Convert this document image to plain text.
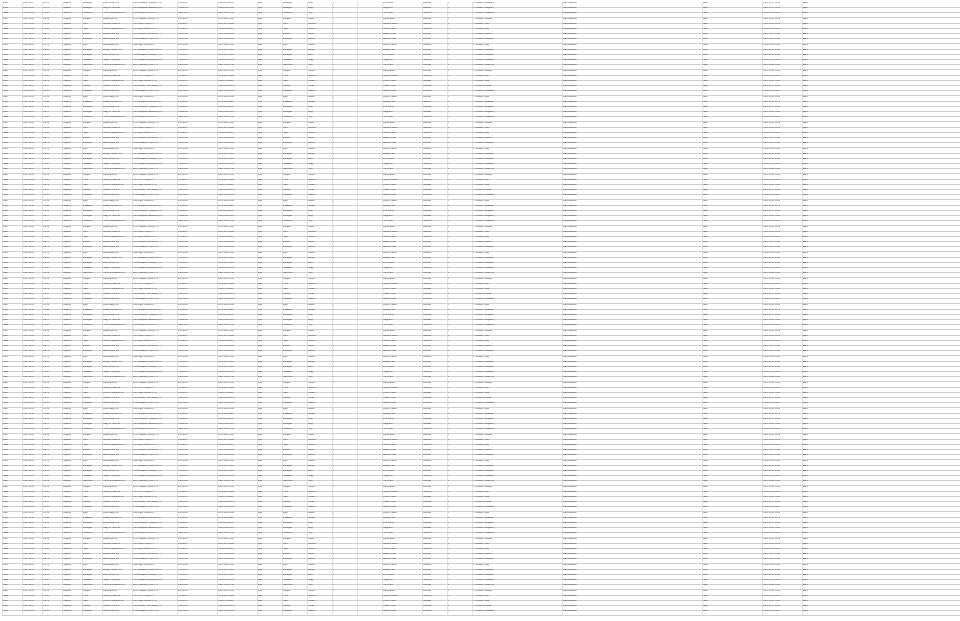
Klein	2020.10.01	20171	Gejelöst	Budapest	Klein Ferenc Kft.	1093 Budapest, Lónyay u. 18.	12345678	1234-5678-9012	Igen	Budapest	Klein	1	Kiss Istvan	Szállítás	1	1. szállítás, Budapest	kapcsolattartó	Nem	2020.10.01 12:00	Aktív
Klein	2020.10.02	20172	Gejelöst	Budapest	Nagy és Társa Bt.	1061 Budapest, Andrássy út 4.	23456789	2345-6789-0123	Igen	Budapest	Nagy	1	Nagy Éva	Szállítás	2	1. szállítás, Budapest	kapcsolattartó	Nem	2020.10.02 12:00	Aktív
Klein	2020.10.03	20173	Gejelöst	Debrecen	Tóth Kereskedelmi Kft.	4025 Debrecen, Piac u. 1.	34567890	3456-7890-1234	Igen	Debrecen	Tóth	1	Tóth Péter	Szállítás	1	1. szállítás, Debrecen	kapcsolattartó	Nem	2020.10.03 12:00	Aktív
Klein	2020.10.04	20174	Gejelöst	Szeged	Szabó Bau Kft.	6720 Szeged, Kárász u. 9.	45678901	4567-8901-2345	Igen	Szeged	Szabó	2	Szabó Anna	Szállítás	1	1. szállítás, Szeged	kapcsolattartó	Nem	2020.10.04 12:00	Aktív
Klein	2020.10.05	20175	Gejelöst	Pécs	Horváth Trade Zrt.	7621 Pécs, Király u. 2.	56789012	5678-9012-3456	Igen	Pécs	Horváth	1	Horváth Gábor	Szállítás	3	1. szállítás, Pécs	kapcsolattartó	Nem	2020.10.05 12:00	Aktív
Klein	2020.10.06	20176	Gejelöst	Győr	Kovács Logisztika Kft.	9021 Győr, Baross u. 15.	67890123	6789-0123-4567	Igen	Győr	Kovács	1	Kovács Judit	Szállítás	1	1. szállítás, Győr	kapcsolattartó	Nem	2020.10.06 12:00	Aktív
Klein	2020.10.07	20177	Gejelöst	Miskolc	Varga és Fia Kft.	3525 Miskolc, Széchenyi u. 3.	78901234	7890-1234-5678	Igen	Miskolc	Varga	1	Varga László	Szállítás	2	1. szállítás, Miskolc	kapcsolattartó	Nem	2020.10.07 12:00	Aktív
Klein	2020.10.08	20178	Gejelöst	Budapest	Molnár Építő Kft.	1134 Budapest, Váci út 20.	89012345	8901-2345-6789	Igen	Budapest	Molnár	1	Molnár Zsófia	Szállítás	1	1. szállítás, Budapest	kapcsolattartó	Nem	2020.10.08 12:00	Aktív
Klein	2020.10.09	20179	Gejelöst	Eger	Farkas Agro Kft.	3300 Eger, Dobó tér 1.	90123456	9012-3456-7890	Igen	Eger	Farkas	1	Farkas Tamás	Szállítás	1	1. szállítás, Eger	kapcsolattartó	Nem	2020.10.09 12:00	Aktív
Klein	2020.10.10	20180	Gejelöst	Budapest	Balogh Service Kft.	1117 Budapest, Bocskai út 11.	01234567	0123-4567-8901	Igen	Budapest	Balogh	1	Balogh Kata	Szállítás	2	1. szállítás, Budapest	kapcsolattartó	Nem	2020.10.10 12:00	Aktív
Klein	2020.10.01	20171	Gejelöst	Budapest	Klein Ferenc Kft.	1093 Budapest, Lónyay u. 18.	12345678	1234-5678-9012	Igen	Budapest	Klein	1	Kiss Istvan	Szállítás	1	1. szállítás, Budapest	kapcsolattartó	Nem	2020.10.01 12:00	Aktív
Klein	2020.10.02	20172	Gejelöst	Budapest	Nagy és Társa Bt.	1061 Budapest, Andrássy út 4.	23456789	2345-6789-0123	Igen	Budapest	Nagy	1	Nagy Éva	Szállítás	2	1. szállítás, Budapest	kapcsolattartó	Nem	2020.10.02 12:00	Aktív
Klein	2020.10.03	20173	Gejelöst	Debrecen	Tóth Kereskedelmi Kft.	4025 Debrecen, Piac u. 1.	34567890	3456-7890-1234	Igen	Debrecen	Tóth	1	Tóth Péter	Szállítás	1	1. szállítás, Debrecen	kapcsolattartó	Nem	2020.10.03 12:00	Aktív
Klein	2020.10.04	20174	Gejelöst	Szeged	Szabó Bau Kft.	6720 Szeged, Kárász u. 9.	45678901	4567-8901-2345	Igen	Szeged	Szabó	2	Szabó Anna	Szállítás	1	1. szállítás, Szeged	kapcsolattartó	Nem	2020.10.04 12:00	Aktív
Klein	2020.10.05	20175	Gejelöst	Pécs	Horváth Trade Zrt.	7621 Pécs, Király u. 2.	56789012	5678-9012-3456	Igen	Pécs	Horváth	1	Horváth Gábor	Szállítás	3	1. szállítás, Pécs	kapcsolattartó	Nem	2020.10.05 12:00	Aktív
Klein	2020.10.06	20176	Gejelöst	Győr	Kovács Logisztika Kft.	9021 Győr, Baross u. 15.	67890123	6789-0123-4567	Igen	Győr	Kovács	1	Kovács Judit	Szállítás	1	1. szállítás, Győr	kapcsolattartó	Nem	2020.10.06 12:00	Aktív
Klein	2020.10.07	20177	Gejelöst	Miskolc	Varga és Fia Kft.	3525 Miskolc, Széchenyi u. 3.	78901234	7890-1234-5678	Igen	Miskolc	Varga	1	Varga László	Szállítás	2	1. szállítás, Miskolc	kapcsolattartó	Nem	2020.10.07 12:00	Aktív
Klein	2020.10.08	20178	Gejelöst	Budapest	Molnár Építő Kft.	1134 Budapest, Váci út 20.	89012345	8901-2345-6789	Igen	Budapest	Molnár	1	Molnár Zsófia	Szállítás	1	1. szállítás, Budapest	kapcsolattartó	Nem	2020.10.08 12:00	Aktív
Klein	2020.10.09	20179	Gejelöst	Eger	Farkas Agro Kft.	3300 Eger, Dobó tér 1.	90123456	9012-3456-7890	Igen	Eger	Farkas	1	Farkas Tamás	Szállítás	1	1. szállítás, Eger	kapcsolattartó	Nem	2020.10.09 12:00	Aktív
Klein	2020.10.10	20180	Gejelöst	Budapest	Balogh Service Kft.	1117 Budapest, Bocskai út 11.	01234567	0123-4567-8901	Igen	Budapest	Balogh	1	Balogh Kata	Szállítás	2	1. szállítás, Budapest	kapcsolattartó	Nem	2020.10.10 12:00	Aktív
Klein	2020.10.01	20171	Gejelöst	Budapest	Klein Ferenc Kft.	1093 Budapest, Lónyay u. 18.	12345678	1234-5678-9012	Igen	Budapest	Klein	1	Kiss Istvan	Szállítás	1	1. szállítás, Budapest	kapcsolattartó	Nem	2020.10.01 12:00	Aktív
Klein	2020.10.02	20172	Gejelöst	Budapest	Nagy és Társa Bt.	1061 Budapest, Andrássy út 4.	23456789	2345-6789-0123	Igen	Budapest	Nagy	1	Nagy Éva	Szállítás	2	1. szállítás, Budapest	kapcsolattartó	Nem	2020.10.02 12:00	Aktív
Klein	2020.10.03	20173	Gejelöst	Debrecen	Tóth Kereskedelmi Kft.	4025 Debrecen, Piac u. 1.	34567890	3456-7890-1234	Igen	Debrecen	Tóth	1	Tóth Péter	Szállítás	1	1. szállítás, Debrecen	kapcsolattartó	Nem	2020.10.03 12:00	Aktív
Klein	2020.10.04	20174	Gejelöst	Szeged	Szabó Bau Kft.	6720 Szeged, Kárász u. 9.	45678901	4567-8901-2345	Igen	Szeged	Szabó	2	Szabó Anna	Szállítás	1	1. szállítás, Szeged	kapcsolattartó	Nem	2020.10.04 12:00	Aktív
Klein	2020.10.05	20175	Gejelöst	Pécs	Horváth Trade Zrt.	7621 Pécs, Király u. 2.	56789012	5678-9012-3456	Igen	Pécs	Horváth	1	Horváth Gábor	Szállítás	3	1. szállítás, Pécs	kapcsolattartó	Nem	2020.10.05 12:00	Aktív
Klein	2020.10.06	20176	Gejelöst	Győr	Kovács Logisztika Kft.	9021 Győr, Baross u. 15.	67890123	6789-0123-4567	Igen	Győr	Kovács	1	Kovács Judit	Szállítás	1	1. szállítás, Győr	kapcsolattartó	Nem	2020.10.06 12:00	Aktív
Klein	2020.10.07	20177	Gejelöst	Miskolc	Varga és Fia Kft.	3525 Miskolc, Széchenyi u. 3.	78901234	7890-1234-5678	Igen	Miskolc	Varga	1	Varga László	Szállítás	2	1. szállítás, Miskolc	kapcsolattartó	Nem	2020.10.07 12:00	Aktív
Klein	2020.10.08	20178	Gejelöst	Budapest	Molnár Építő Kft.	1134 Budapest, Váci út 20.	89012345	8901-2345-6789	Igen	Budapest	Molnár	1	Molnár Zsófia	Szállítás	1	1. szállítás, Budapest	kapcsolattartó	Nem	2020.10.08 12:00	Aktív
Klein	2020.10.09	20179	Gejelöst	Eger	Farkas Agro Kft.	3300 Eger, Dobó tér 1.	90123456	9012-3456-7890	Igen	Eger	Farkas	1	Farkas Tamás	Szállítás	1	1. szállítás, Eger	kapcsolattartó	Nem	2020.10.09 12:00	Aktív
Klein	2020.10.10	20180	Gejelöst	Budapest	Balogh Service Kft.	1117 Budapest, Bocskai út 11.	01234567	0123-4567-8901	Igen	Budapest	Balogh	1	Balogh Kata	Szállítás	2	1. szállítás, Budapest	kapcsolattartó	Nem	2020.10.10 12:00	Aktív
Klein	2020.10.01	20171	Gejelöst	Budapest	Klein Ferenc Kft.	1093 Budapest, Lónyay u. 18.	12345678	1234-5678-9012	Igen	Budapest	Klein	1	Kiss Istvan	Szállítás	1	1. szállítás, Budapest	kapcsolattartó	Nem	2020.10.01 12:00	Aktív
Klein	2020.10.02	20172	Gejelöst	Budapest	Nagy és Társa Bt.	1061 Budapest, Andrássy út 4.	23456789	2345-6789-0123	Igen	Budapest	Nagy	1	Nagy Éva	Szállítás	2	1. szállítás, Budapest	kapcsolattartó	Nem	2020.10.02 12:00	Aktív
Klein	2020.10.03	20173	Gejelöst	Debrecen	Tóth Kereskedelmi Kft.	4025 Debrecen, Piac u. 1.	34567890	3456-7890-1234	Igen	Debrecen	Tóth	1	Tóth Péter	Szállítás	1	1. szállítás, Debrecen	kapcsolattartó	Nem	2020.10.03 12:00	Aktív
Klein	2020.10.04	20174	Gejelöst	Szeged	Szabó Bau Kft.	6720 Szeged, Kárász u. 9.	45678901	4567-8901-2345	Igen	Szeged	Szabó	2	Szabó Anna	Szállítás	1	1. szállítás, Szeged	kapcsolattartó	Nem	2020.10.04 12:00	Aktív
Klein	2020.10.05	20175	Gejelöst	Pécs	Horváth Trade Zrt.	7621 Pécs, Király u. 2.	56789012	5678-9012-3456	Igen	Pécs	Horváth	1	Horváth Gábor	Szállítás	3	1. szállítás, Pécs	kapcsolattartó	Nem	2020.10.05 12:00	Aktív
Klein	2020.10.06	20176	Gejelöst	Győr	Kovács Logisztika Kft.	9021 Győr, Baross u. 15.	67890123	6789-0123-4567	Igen	Győr	Kovács	1	Kovács Judit	Szállítás	1	1. szállítás, Győr	kapcsolattartó	Nem	2020.10.06 12:00	Aktív
Klein	2020.10.07	20177	Gejelöst	Miskolc	Varga és Fia Kft.	3525 Miskolc, Széchenyi u. 3.	78901234	7890-1234-5678	Igen	Miskolc	Varga	1	Varga László	Szállítás	2	1. szállítás, Miskolc	kapcsolattartó	Nem	2020.10.07 12:00	Aktív
Klein	2020.10.08	20178	Gejelöst	Budapest	Molnár Építő Kft.	1134 Budapest, Váci út 20.	89012345	8901-2345-6789	Igen	Budapest	Molnár	1	Molnár Zsófia	Szállítás	1	1. szállítás, Budapest	kapcsolattartó	Nem	2020.10.08 12:00	Aktív
Klein	2020.10.09	20179	Gejelöst	Eger	Farkas Agro Kft.	3300 Eger, Dobó tér 1.	90123456	9012-3456-7890	Igen	Eger	Farkas	1	Farkas Tamás	Szállítás	1	1. szállítás, Eger	kapcsolattartó	Nem	2020.10.09 12:00	Aktív
Klein	2020.10.10	20180	Gejelöst	Budapest	Balogh Service Kft.	1117 Budapest, Bocskai út 11.	01234567	0123-4567-8901	Igen	Budapest	Balogh	1	Balogh Kata	Szállítás	2	1. szállítás, Budapest	kapcsolattartó	Nem	2020.10.10 12:00	Aktív
Klein	2020.10.01	20171	Gejelöst	Budapest	Klein Ferenc Kft.	1093 Budapest, Lónyay u. 18.	12345678	1234-5678-9012	Igen	Budapest	Klein	1	Kiss Istvan	Szállítás	1	1. szállítás, Budapest	kapcsolattartó	Nem	2020.10.01 12:00	Aktív
Klein	2020.10.02	20172	Gejelöst	Budapest	Nagy és Társa Bt.	1061 Budapest, Andrássy út 4.	23456789	2345-6789-0123	Igen	Budapest	Nagy	1	Nagy Éva	Szállítás	2	1. szállítás, Budapest	kapcsolattartó	Nem	2020.10.02 12:00	Aktív
Klein	2020.10.03	20173	Gejelöst	Debrecen	Tóth Kereskedelmi Kft.	4025 Debrecen, Piac u. 1.	34567890	3456-7890-1234	Igen	Debrecen	Tóth	1	Tóth Péter	Szállítás	1	1. szállítás, Debrecen	kapcsolattartó	Nem	2020.10.03 12:00	Aktív
Klein	2020.10.04	20174	Gejelöst	Szeged	Szabó Bau Kft.	6720 Szeged, Kárász u. 9.	45678901	4567-8901-2345	Igen	Szeged	Szabó	2	Szabó Anna	Szállítás	1	1. szállítás, Szeged	kapcsolattartó	Nem	2020.10.04 12:00	Aktív
Klein	2020.10.05	20175	Gejelöst	Pécs	Horváth Trade Zrt.	7621 Pécs, Király u. 2.	56789012	5678-9012-3456	Igen	Pécs	Horváth	1	Horváth Gábor	Szállítás	3	1. szállítás, Pécs	kapcsolattartó	Nem	2020.10.05 12:00	Aktív
Klein	2020.10.06	20176	Gejelöst	Győr	Kovács Logisztika Kft.	9021 Győr, Baross u. 15.	67890123	6789-0123-4567	Igen	Győr	Kovács	1	Kovács Judit	Szállítás	1	1. szállítás, Győr	kapcsolattartó	Nem	2020.10.06 12:00	Aktív
Klein	2020.10.07	20177	Gejelöst	Miskolc	Varga és Fia Kft.	3525 Miskolc, Széchenyi u. 3.	78901234	7890-1234-5678	Igen	Miskolc	Varga	1	Varga László	Szállítás	2	1. szállítás, Miskolc	kapcsolattartó	Nem	2020.10.07 12:00	Aktív
Klein	2020.10.08	20178	Gejelöst	Budapest	Molnár Építő Kft.	1134 Budapest, Váci út 20.	89012345	8901-2345-6789	Igen	Budapest	Molnár	1	Molnár Zsófia	Szállítás	1	1. szállítás, Budapest	kapcsolattartó	Nem	2020.10.08 12:00	Aktív
Klein	2020.10.09	20179	Gejelöst	Eger	Farkas Agro Kft.	3300 Eger, Dobó tér 1.	90123456	9012-3456-7890	Igen	Eger	Farkas	1	Farkas Tamás	Szállítás	1	1. szállítás, Eger	kapcsolattartó	Nem	2020.10.09 12:00	Aktív
Klein	2020.10.10	20180	Gejelöst	Budapest	Balogh Service Kft.	1117 Budapest, Bocskai út 11.	01234567	0123-4567-8901	Igen	Budapest	Balogh	1	Balogh Kata	Szállítás	2	1. szállítás, Budapest	kapcsolattartó	Nem	2020.10.10 12:00	Aktív
Klein	2020.10.01	20171	Gejelöst	Budapest	Klein Ferenc Kft.	1093 Budapest, Lónyay u. 18.	12345678	1234-5678-9012	Igen	Budapest	Klein	1	Kiss Istvan	Szállítás	1	1. szállítás, Budapest	kapcsolattartó	Nem	2020.10.01 12:00	Aktív
Klein	2020.10.02	20172	Gejelöst	Budapest	Nagy és Társa Bt.	1061 Budapest, Andrássy út 4.	23456789	2345-6789-0123	Igen	Budapest	Nagy	1	Nagy Éva	Szállítás	2	1. szállítás, Budapest	kapcsolattartó	Nem	2020.10.02 12:00	Aktív
Klein	2020.10.03	20173	Gejelöst	Debrecen	Tóth Kereskedelmi Kft.	4025 Debrecen, Piac u. 1.	34567890	3456-7890-1234	Igen	Debrecen	Tóth	1	Tóth Péter	Szállítás	1	1. szállítás, Debrecen	kapcsolattartó	Nem	2020.10.03 12:00	Aktív
Klein	2020.10.04	20174	Gejelöst	Szeged	Szabó Bau Kft.	6720 Szeged, Kárász u. 9.	45678901	4567-8901-2345	Igen	Szeged	Szabó	2	Szabó Anna	Szállítás	1	1. szállítás, Szeged	kapcsolattartó	Nem	2020.10.04 12:00	Aktív
Klein	2020.10.05	20175	Gejelöst	Pécs	Horváth Trade Zrt.	7621 Pécs, Király u. 2.	56789012	5678-9012-3456	Igen	Pécs	Horváth	1	Horváth Gábor	Szállítás	3	1. szállítás, Pécs	kapcsolattartó	Nem	2020.10.05 12:00	Aktív
Klein	2020.10.06	20176	Gejelöst	Győr	Kovács Logisztika Kft.	9021 Győr, Baross u. 15.	67890123	6789-0123-4567	Igen	Győr	Kovács	1	Kovács Judit	Szállítás	1	1. szállítás, Győr	kapcsolattartó	Nem	2020.10.06 12:00	Aktív
Klein	2020.10.07	20177	Gejelöst	Miskolc	Varga és Fia Kft.	3525 Miskolc, Széchenyi u. 3.	78901234	7890-1234-5678	Igen	Miskolc	Varga	1	Varga László	Szállítás	2	1. szállítás, Miskolc	kapcsolattartó	Nem	2020.10.07 12:00	Aktív
Klein	2020.10.08	20178	Gejelöst	Budapest	Molnár Építő Kft.	1134 Budapest, Váci út 20.	89012345	8901-2345-6789	Igen	Budapest	Molnár	1	Molnár Zsófia	Szállítás	1	1. szállítás, Budapest	kapcsolattartó	Nem	2020.10.08 12:00	Aktív
Klein	2020.10.09	20179	Gejelöst	Eger	Farkas Agro Kft.	3300 Eger, Dobó tér 1.	90123456	9012-3456-7890	Igen	Eger	Farkas	1	Farkas Tamás	Szállítás	1	1. szállítás, Eger	kapcsolattartó	Nem	2020.10.09 12:00	Aktív
Klein	2020.10.10	20180	Gejelöst	Budapest	Balogh Service Kft.	1117 Budapest, Bocskai út 11.	01234567	0123-4567-8901	Igen	Budapest	Balogh	1	Balogh Kata	Szállítás	2	1. szállítás, Budapest	kapcsolattartó	Nem	2020.10.10 12:00	Aktív
Klein	2020.10.01	20171	Gejelöst	Budapest	Klein Ferenc Kft.	1093 Budapest, Lónyay u. 18.	12345678	1234-5678-9012	Igen	Budapest	Klein	1	Kiss Istvan	Szállítás	1	1. szállítás, Budapest	kapcsolattartó	Nem	2020.10.01 12:00	Aktív
Klein	2020.10.02	20172	Gejelöst	Budapest	Nagy és Társa Bt.	1061 Budapest, Andrássy út 4.	23456789	2345-6789-0123	Igen	Budapest	Nagy	1	Nagy Éva	Szállítás	2	1. szállítás, Budapest	kapcsolattartó	Nem	2020.10.02 12:00	Aktív
Klein	2020.10.03	20173	Gejelöst	Debrecen	Tóth Kereskedelmi Kft.	4025 Debrecen, Piac u. 1.	34567890	3456-7890-1234	Igen	Debrecen	Tóth	1	Tóth Péter	Szállítás	1	1. szállítás, Debrecen	kapcsolattartó	Nem	2020.10.03 12:00	Aktív
Klein	2020.10.04	20174	Gejelöst	Szeged	Szabó Bau Kft.	6720 Szeged, Kárász u. 9.	45678901	4567-8901-2345	Igen	Szeged	Szabó	2	Szabó Anna	Szállítás	1	1. szállítás, Szeged	kapcsolattartó	Nem	2020.10.04 12:00	Aktív
Klein	2020.10.05	20175	Gejelöst	Pécs	Horváth Trade Zrt.	7621 Pécs, Király u. 2.	56789012	5678-9012-3456	Igen	Pécs	Horváth	1	Horváth Gábor	Szállítás	3	1. szállítás, Pécs	kapcsolattartó	Nem	2020.10.05 12:00	Aktív
Klein	2020.10.06	20176	Gejelöst	Győr	Kovács Logisztika Kft.	9021 Győr, Baross u. 15.	67890123	6789-0123-4567	Igen	Győr	Kovács	1	Kovács Judit	Szállítás	1	1. szállítás, Győr	kapcsolattartó	Nem	2020.10.06 12:00	Aktív
Klein	2020.10.07	20177	Gejelöst	Miskolc	Varga és Fia Kft.	3525 Miskolc, Széchenyi u. 3.	78901234	7890-1234-5678	Igen	Miskolc	Varga	1	Varga László	Szállítás	2	1. szállítás, Miskolc	kapcsolattartó	Nem	2020.10.07 12:00	Aktív
Klein	2020.10.08	20178	Gejelöst	Budapest	Molnár Építő Kft.	1134 Budapest, Váci út 20.	89012345	8901-2345-6789	Igen	Budapest	Molnár	1	Molnár Zsófia	Szállítás	1	1. szállítás, Budapest	kapcsolattartó	Nem	2020.10.08 12:00	Aktív
Klein	2020.10.09	20179	Gejelöst	Eger	Farkas Agro Kft.	3300 Eger, Dobó tér 1.	90123456	9012-3456-7890	Igen	Eger	Farkas	1	Farkas Tamás	Szállítás	1	1. szállítás, Eger	kapcsolattartó	Nem	2020.10.09 12:00	Aktív
Klein	2020.10.10	20180	Gejelöst	Budapest	Balogh Service Kft.	1117 Budapest, Bocskai út 11.	01234567	0123-4567-8901	Igen	Budapest	Balogh	1	Balogh Kata	Szállítás	2	1. szállítás, Budapest	kapcsolattartó	Nem	2020.10.10 12:00	Aktív
Klein	2020.10.01	20171	Gejelöst	Budapest	Klein Ferenc Kft.	1093 Budapest, Lónyay u. 18.	12345678	1234-5678-9012	Igen	Budapest	Klein	1	Kiss Istvan	Szállítás	1	1. szállítás, Budapest	kapcsolattartó	Nem	2020.10.01 12:00	Aktív
Klein	2020.10.02	20172	Gejelöst	Budapest	Nagy és Társa Bt.	1061 Budapest, Andrássy út 4.	23456789	2345-6789-0123	Igen	Budapest	Nagy	1	Nagy Éva	Szállítás	2	1. szállítás, Budapest	kapcsolattartó	Nem	2020.10.02 12:00	Aktív
Klein	2020.10.03	20173	Gejelöst	Debrecen	Tóth Kereskedelmi Kft.	4025 Debrecen, Piac u. 1.	34567890	3456-7890-1234	Igen	Debrecen	Tóth	1	Tóth Péter	Szállítás	1	1. szállítás, Debrecen	kapcsolattartó	Nem	2020.10.03 12:00	Aktív
Klein	2020.10.04	20174	Gejelöst	Szeged	Szabó Bau Kft.	6720 Szeged, Kárász u. 9.	45678901	4567-8901-2345	Igen	Szeged	Szabó	2	Szabó Anna	Szállítás	1	1. szállítás, Szeged	kapcsolattartó	Nem	2020.10.04 12:00	Aktív
Klein	2020.10.05	20175	Gejelöst	Pécs	Horváth Trade Zrt.	7621 Pécs, Király u. 2.	56789012	5678-9012-3456	Igen	Pécs	Horváth	1	Horváth Gábor	Szállítás	3	1. szállítás, Pécs	kapcsolattartó	Nem	2020.10.05 12:00	Aktív
Klein	2020.10.06	20176	Gejelöst	Győr	Kovács Logisztika Kft.	9021 Győr, Baross u. 15.	67890123	6789-0123-4567	Igen	Győr	Kovács	1	Kovács Judit	Szállítás	1	1. szállítás, Győr	kapcsolattartó	Nem	2020.10.06 12:00	Aktív
Klein	2020.10.07	20177	Gejelöst	Miskolc	Varga és Fia Kft.	3525 Miskolc, Széchenyi u. 3.	78901234	7890-1234-5678	Igen	Miskolc	Varga	1	Varga László	Szállítás	2	1. szállítás, Miskolc	kapcsolattartó	Nem	2020.10.07 12:00	Aktív
Klein	2020.10.08	20178	Gejelöst	Budapest	Molnár Építő Kft.	1134 Budapest, Váci út 20.	89012345	8901-2345-6789	Igen	Budapest	Molnár	1	Molnár Zsófia	Szállítás	1	1. szállítás, Budapest	kapcsolattartó	Nem	2020.10.08 12:00	Aktív
Klein	2020.10.09	20179	Gejelöst	Eger	Farkas Agro Kft.	3300 Eger, Dobó tér 1.	90123456	9012-3456-7890	Igen	Eger	Farkas	1	Farkas Tamás	Szállítás	1	1. szállítás, Eger	kapcsolattartó	Nem	2020.10.09 12:00	Aktív
Klein	2020.10.10	20180	Gejelöst	Budapest	Balogh Service Kft.	1117 Budapest, Bocskai út 11.	01234567	0123-4567-8901	Igen	Budapest	Balogh	1	Balogh Kata	Szállítás	2	1. szállítás, Budapest	kapcsolattartó	Nem	2020.10.10 12:00	Aktív
Klein	2020.10.01	20171	Gejelöst	Budapest	Klein Ferenc Kft.	1093 Budapest, Lónyay u. 18.	12345678	1234-5678-9012	Igen	Budapest	Klein	1	Kiss Istvan	Szállítás	1	1. szállítás, Budapest	kapcsolattartó	Nem	2020.10.01 12:00	Aktív
Klein	2020.10.02	20172	Gejelöst	Budapest	Nagy és Társa Bt.	1061 Budapest, Andrássy út 4.	23456789	2345-6789-0123	Igen	Budapest	Nagy	1	Nagy Éva	Szállítás	2	1. szállítás, Budapest	kapcsolattartó	Nem	2020.10.02 12:00	Aktív
Klein	2020.10.03	20173	Gejelöst	Debrecen	Tóth Kereskedelmi Kft.	4025 Debrecen, Piac u. 1.	34567890	3456-7890-1234	Igen	Debrecen	Tóth	1	Tóth Péter	Szállítás	1	1. szállítás, Debrecen	kapcsolattartó	Nem	2020.10.03 12:00	Aktív
Klein	2020.10.04	20174	Gejelöst	Szeged	Szabó Bau Kft.	6720 Szeged, Kárász u. 9.	45678901	4567-8901-2345	Igen	Szeged	Szabó	2	Szabó Anna	Szállítás	1	1. szállítás, Szeged	kapcsolattartó	Nem	2020.10.04 12:00	Aktív
Klein	2020.10.05	20175	Gejelöst	Pécs	Horváth Trade Zrt.	7621 Pécs, Király u. 2.	56789012	5678-9012-3456	Igen	Pécs	Horváth	1	Horváth Gábor	Szállítás	3	1. szállítás, Pécs	kapcsolattartó	Nem	2020.10.05 12:00	Aktív
Klein	2020.10.06	20176	Gejelöst	Győr	Kovács Logisztika Kft.	9021 Győr, Baross u. 15.	67890123	6789-0123-4567	Igen	Győr	Kovács	1	Kovács Judit	Szállítás	1	1. szállítás, Győr	kapcsolattartó	Nem	2020.10.06 12:00	Aktív
Klein	2020.10.07	20177	Gejelöst	Miskolc	Varga és Fia Kft.	3525 Miskolc, Széchenyi u. 3.	78901234	7890-1234-5678	Igen	Miskolc	Varga	1	Varga László	Szállítás	2	1. szállítás, Miskolc	kapcsolattartó	Nem	2020.10.07 12:00	Aktív
Klein	2020.10.08	20178	Gejelöst	Budapest	Molnár Építő Kft.	1134 Budapest, Váci út 20.	89012345	8901-2345-6789	Igen	Budapest	Molnár	1	Molnár Zsófia	Szállítás	1	1. szállítás, Budapest	kapcsolattartó	Nem	2020.10.08 12:00	Aktív
Klein	2020.10.09	20179	Gejelöst	Eger	Farkas Agro Kft.	3300 Eger, Dobó tér 1.	90123456	9012-3456-7890	Igen	Eger	Farkas	1	Farkas Tamás	Szállítás	1	1. szállítás, Eger	kapcsolattartó	Nem	2020.10.09 12:00	Aktív
Klein	2020.10.10	20180	Gejelöst	Budapest	Balogh Service Kft.	1117 Budapest, Bocskai út 11.	01234567	0123-4567-8901	Igen	Budapest	Balogh	1	Balogh Kata	Szállítás	2	1. szállítás, Budapest	kapcsolattartó	Nem	2020.10.10 12:00	Aktív
Klein	2020.10.01	20171	Gejelöst	Budapest	Klein Ferenc Kft.	1093 Budapest, Lónyay u. 18.	12345678	1234-5678-9012	Igen	Budapest	Klein	1	Kiss Istvan	Szállítás	1	1. szállítás, Budapest	kapcsolattartó	Nem	2020.10.01 12:00	Aktív
Klein	2020.10.02	20172	Gejelöst	Budapest	Nagy és Társa Bt.	1061 Budapest, Andrássy út 4.	23456789	2345-6789-0123	Igen	Budapest	Nagy	1	Nagy Éva	Szállítás	2	1. szállítás, Budapest	kapcsolattartó	Nem	2020.10.02 12:00	Aktív
Klein	2020.10.03	20173	Gejelöst	Debrecen	Tóth Kereskedelmi Kft.	4025 Debrecen, Piac u. 1.	34567890	3456-7890-1234	Igen	Debrecen	Tóth	1	Tóth Péter	Szállítás	1	1. szállítás, Debrecen	kapcsolattartó	Nem	2020.10.03 12:00	Aktív
Klein	2020.10.04	20174	Gejelöst	Szeged	Szabó Bau Kft.	6720 Szeged, Kárász u. 9.	45678901	4567-8901-2345	Igen	Szeged	Szabó	2	Szabó Anna	Szállítás	1	1. szállítás, Szeged	kapcsolattartó	Nem	2020.10.04 12:00	Aktív
Klein	2020.10.05	20175	Gejelöst	Pécs	Horváth Trade Zrt.	7621 Pécs, Király u. 2.	56789012	5678-9012-3456	Igen	Pécs	Horváth	1	Horváth Gábor	Szállítás	3	1. szállítás, Pécs	kapcsolattartó	Nem	2020.10.05 12:00	Aktív
Klein	2020.10.06	20176	Gejelöst	Győr	Kovács Logisztika Kft.	9021 Győr, Baross u. 15.	67890123	6789-0123-4567	Igen	Győr	Kovács	1	Kovács Judit	Szállítás	1	1. szállítás, Győr	kapcsolattartó	Nem	2020.10.06 12:00	Aktív
Klein	2020.10.07	20177	Gejelöst	Miskolc	Varga és Fia Kft.	3525 Miskolc, Széchenyi u. 3.	78901234	7890-1234-5678	Igen	Miskolc	Varga	1	Varga László	Szállítás	2	1. szállítás, Miskolc	kapcsolattartó	Nem	2020.10.07 12:00	Aktív
Klein	2020.10.08	20178	Gejelöst	Budapest	Molnár Építő Kft.	1134 Budapest, Váci út 20.	89012345	8901-2345-6789	Igen	Budapest	Molnár	1	Molnár Zsófia	Szállítás	1	1. szállítás, Budapest	kapcsolattartó	Nem	2020.10.08 12:00	Aktív
Klein	2020.10.09	20179	Gejelöst	Eger	Farkas Agro Kft.	3300 Eger, Dobó tér 1.	90123456	9012-3456-7890	Igen	Eger	Farkas	1	Farkas Tamás	Szállítás	1	1. szállítás, Eger	kapcsolattartó	Nem	2020.10.09 12:00	Aktív
Klein	2020.10.10	20180	Gejelöst	Budapest	Balogh Service Kft.	1117 Budapest, Bocskai út 11.	01234567	0123-4567-8901	Igen	Budapest	Balogh	1	Balogh Kata	Szállítás	2	1. szállítás, Budapest	kapcsolattartó	Nem	2020.10.10 12:00	Aktív
Klein	2020.10.01	20171	Gejelöst	Budapest	Klein Ferenc Kft.	1093 Budapest, Lónyay u. 18.	12345678	1234-5678-9012	Igen	Budapest	Klein	1	Kiss Istvan	Szállítás	1	1. szállítás, Budapest	kapcsolattartó	Nem	2020.10.01 12:00	Aktív
Klein	2020.10.02	20172	Gejelöst	Budapest	Nagy és Társa Bt.	1061 Budapest, Andrássy út 4.	23456789	2345-6789-0123	Igen	Budapest	Nagy	1	Nagy Éva	Szállítás	2	1. szállítás, Budapest	kapcsolattartó	Nem	2020.10.02 12:00	Aktív
Klein	2020.10.03	20173	Gejelöst	Debrecen	Tóth Kereskedelmi Kft.	4025 Debrecen, Piac u. 1.	34567890	3456-7890-1234	Igen	Debrecen	Tóth	1	Tóth Péter	Szállítás	1	1. szállítás, Debrecen	kapcsolattartó	Nem	2020.10.03 12:00	Aktív
Klein	2020.10.04	20174	Gejelöst	Szeged	Szabó Bau Kft.	6720 Szeged, Kárász u. 9.	45678901	4567-8901-2345	Igen	Szeged	Szabó	2	Szabó Anna	Szállítás	1	1. szállítás, Szeged	kapcsolattartó	Nem	2020.10.04 12:00	Aktív
Klein	2020.10.05	20175	Gejelöst	Pécs	Horváth Trade Zrt.	7621 Pécs, Király u. 2.	56789012	5678-9012-3456	Igen	Pécs	Horváth	1	Horváth Gábor	Szállítás	3	1. szállítás, Pécs	kapcsolattartó	Nem	2020.10.05 12:00	Aktív
Klein	2020.10.06	20176	Gejelöst	Győr	Kovács Logisztika Kft.	9021 Győr, Baross u. 15.	67890123	6789-0123-4567	Igen	Győr	Kovács	1	Kovács Judit	Szállítás	1	1. szállítás, Győr	kapcsolattartó	Nem	2020.10.06 12:00	Aktív
Klein	2020.10.07	20177	Gejelöst	Miskolc	Varga és Fia Kft.	3525 Miskolc, Széchenyi u. 3.	78901234	7890-1234-5678	Igen	Miskolc	Varga	1	Varga László	Szállítás	2	1. szállítás, Miskolc	kapcsolattartó	Nem	2020.10.07 12:00	Aktív
Klein	2020.10.08	20178	Gejelöst	Budapest	Molnár Építő Kft.	1134 Budapest, Váci út 20.	89012345	8901-2345-6789	Igen	Budapest	Molnár	1	Molnár Zsófia	Szállítás	1	1. szállítás, Budapest	kapcsolattartó	Nem	2020.10.08 12:00	Aktív
Klein	2020.10.09	20179	Gejelöst	Eger	Farkas Agro Kft.	3300 Eger, Dobó tér 1.	90123456	9012-3456-7890	Igen	Eger	Farkas	1	Farkas Tamás	Szállítás	1	1. szállítás, Eger	kapcsolattartó	Nem	2020.10.09 12:00	Aktív
Klein	2020.10.10	20180	Gejelöst	Budapest	Balogh Service Kft.	1117 Budapest, Bocskai út 11.	01234567	0123-4567-8901	Igen	Budapest	Balogh	1	Balogh Kata	Szállítás	2	1. szállítás, Budapest	kapcsolattartó	Nem	2020.10.10 12:00	Aktív
Klein	2020.10.01	20171	Gejelöst	Budapest	Klein Ferenc Kft.	1093 Budapest, Lónyay u. 18.	12345678	1234-5678-9012	Igen	Budapest	Klein	1	Kiss Istvan	Szállítás	1	1. szállítás, Budapest	kapcsolattartó	Nem	2020.10.01 12:00	Aktív
Klein	2020.10.02	20172	Gejelöst	Budapest	Nagy és Társa Bt.	1061 Budapest, Andrássy út 4.	23456789	2345-6789-0123	Igen	Budapest	Nagy	1	Nagy Éva	Szállítás	2	1. szállítás, Budapest	kapcsolattartó	Nem	2020.10.02 12:00	Aktív
Klein	2020.10.03	20173	Gejelöst	Debrecen	Tóth Kereskedelmi Kft.	4025 Debrecen, Piac u. 1.	34567890	3456-7890-1234	Igen	Debrecen	Tóth	1	Tóth Péter	Szállítás	1	1. szállítás, Debrecen	kapcsolattartó	Nem	2020.10.03 12:00	Aktív
Klein	2020.10.04	20174	Gejelöst	Szeged	Szabó Bau Kft.	6720 Szeged, Kárász u. 9.	45678901	4567-8901-2345	Igen	Szeged	Szabó	2	Szabó Anna	Szállítás	1	1. szállítás, Szeged	kapcsolattartó	Nem	2020.10.04 12:00	Aktív
Klein	2020.10.05	20175	Gejelöst	Pécs	Horváth Trade Zrt.	7621 Pécs, Király u. 2.	56789012	5678-9012-3456	Igen	Pécs	Horváth	1	Horváth Gábor	Szállítás	3	1. szállítás, Pécs	kapcsolattartó	Nem	2020.10.05 12:00	Aktív
Klein	2020.10.06	20176	Gejelöst	Győr	Kovács Logisztika Kft.	9021 Győr, Baross u. 15.	67890123	6789-0123-4567	Igen	Győr	Kovács	1	Kovács Judit	Szállítás	1	1. szállítás, Győr	kapcsolattartó	Nem	2020.10.06 12:00	Aktív
Klein	2020.10.07	20177	Gejelöst	Miskolc	Varga és Fia Kft.	3525 Miskolc, Széchenyi u. 3.	78901234	7890-1234-5678	Igen	Miskolc	Varga	1	Varga László	Szállítás	2	1. szállítás, Miskolc	kapcsolattartó	Nem	2020.10.07 12:00	Aktív
Klein	2020.10.08	20178	Gejelöst	Budapest	Molnár Építő Kft.	1134 Budapest, Váci út 20.	89012345	8901-2345-6789	Igen	Budapest	Molnár	1	Molnár Zsófia	Szállítás	1	1. szállítás, Budapest	kapcsolattartó	Nem	2020.10.08 12:00	Aktív
